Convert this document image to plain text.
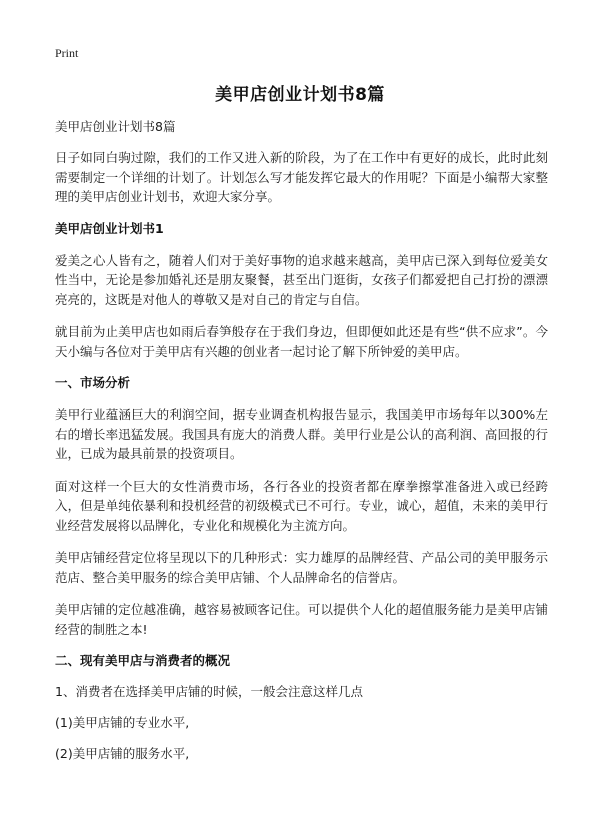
Print
美甲店创业计划书8篇
美甲店创业计划书8篇

日子如同白驹过隙，我们的工作又进入新的阶段，为了在工作中有更好的成长，此时此刻需要制定一个详细的计划了。计划怎么写才能发挥它最大的作用呢？下面是小编帮大家整理的美甲店创业计划书，欢迎大家分享。

美甲店创业计划书1

爱美之心人皆有之，随着人们对于美好事物的追求越来越高，美甲店已深入到每位爱美女性当中，无论是参加婚礼还是朋友聚餐，甚至出门逛街，女孩子们都爱把自己打扮的漂漂亮亮的，这既是对他人的尊敬又是对自己的肯定与自信。

就目前为止美甲店也如雨后春笋般存在于我们身边，但即便如此还是有些“供不应求”。今天小编与各位对于美甲店有兴趣的创业者一起讨论了解下所钟爱的美甲店。

一、市场分析

美甲行业蕴涵巨大的利润空间，据专业调查机构报告显示，我国美甲市场每年以300%左右的增长率迅猛发展。我国具有庞大的消费人群。美甲行业是公认的高利润、高回报的行业，已成为最具前景的投资项目。

面对这样一个巨大的女性消费市场，各行各业的投资者都在摩拳擦掌准备进入或已经跨入，但是单纯依暴利和投机经营的初级模式已不可行。专业，诚心，超值，未来的美甲行业经营发展将以品牌化，专业化和规模化为主流方向。

美甲店铺经营定位将呈现以下的几种形式：实力雄厚的品牌经营、产品公司的美甲服务示范店、整合美甲服务的综合美甲店铺、个人品牌命名的信誉店。

美甲店铺的定位越准确，越容易被顾客记住。可以提供个人化的超值服务能力是美甲店铺经营的制胜之本!

二、现有美甲店与消费者的概况
1、消费者在选择美甲店铺的时候，一般会注意这样几点
(1)美甲店铺的专业水平,
(2)美甲店铺的服务水平,
